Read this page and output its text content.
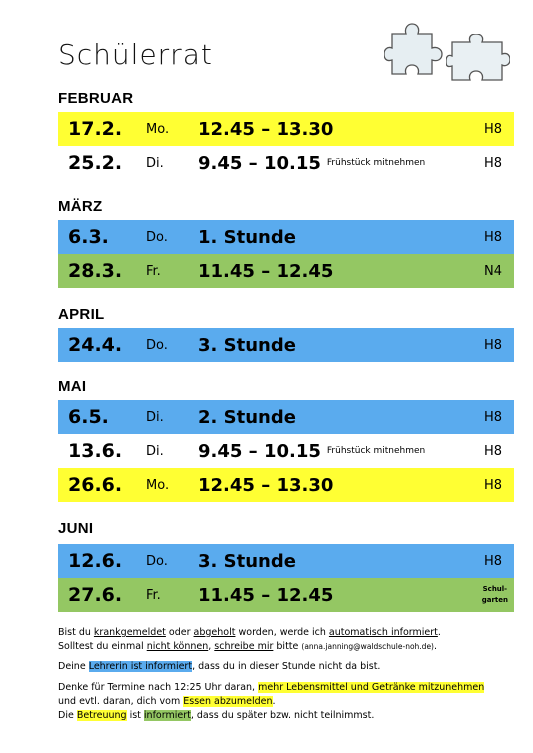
Schülerrat
FEBRUAR
17.2. Mo. 12.45 – 13.30	H8
25.2. Di. 9.45 – 10.15 Frühstück mitnehmen	H8
MÄRZ
6.3.	Do. 1. Stunde	H8
28.3. Fr. 11.45 – 12.45	N4
APRIL
24.4. Do. 3. Stunde	H8
MAI
6.5.	Di. 2. Stunde	H8
13.6. Di. 9.45 – 10.15 Frühstück mitnehmen	H8
26.6. Mo. 12.45 – 13.30	H8
JUNI
12.6. Do. 3. Stunde	H8
27.6. Fr. 11.45 – 12.45	Schul-
garten
Bist du krankgemeldet oder abgeholt worden, werde ich automatisch informiert.
Solltest du einmal nicht können, schreibe mir bitte (anna.janning@waldschule-noh.de).
Deine Lehrerin ist informiert, dass du in dieser Stunde nicht da bist.
Denke für Termine nach 12:25 Uhr daran, mehr Lebensmittel und Getränke mitzunehmen
und evtl. daran, dich vom Essen abzumelden.
Die Betreuung ist informiert, dass du später bzw. nicht teilnimmst.
